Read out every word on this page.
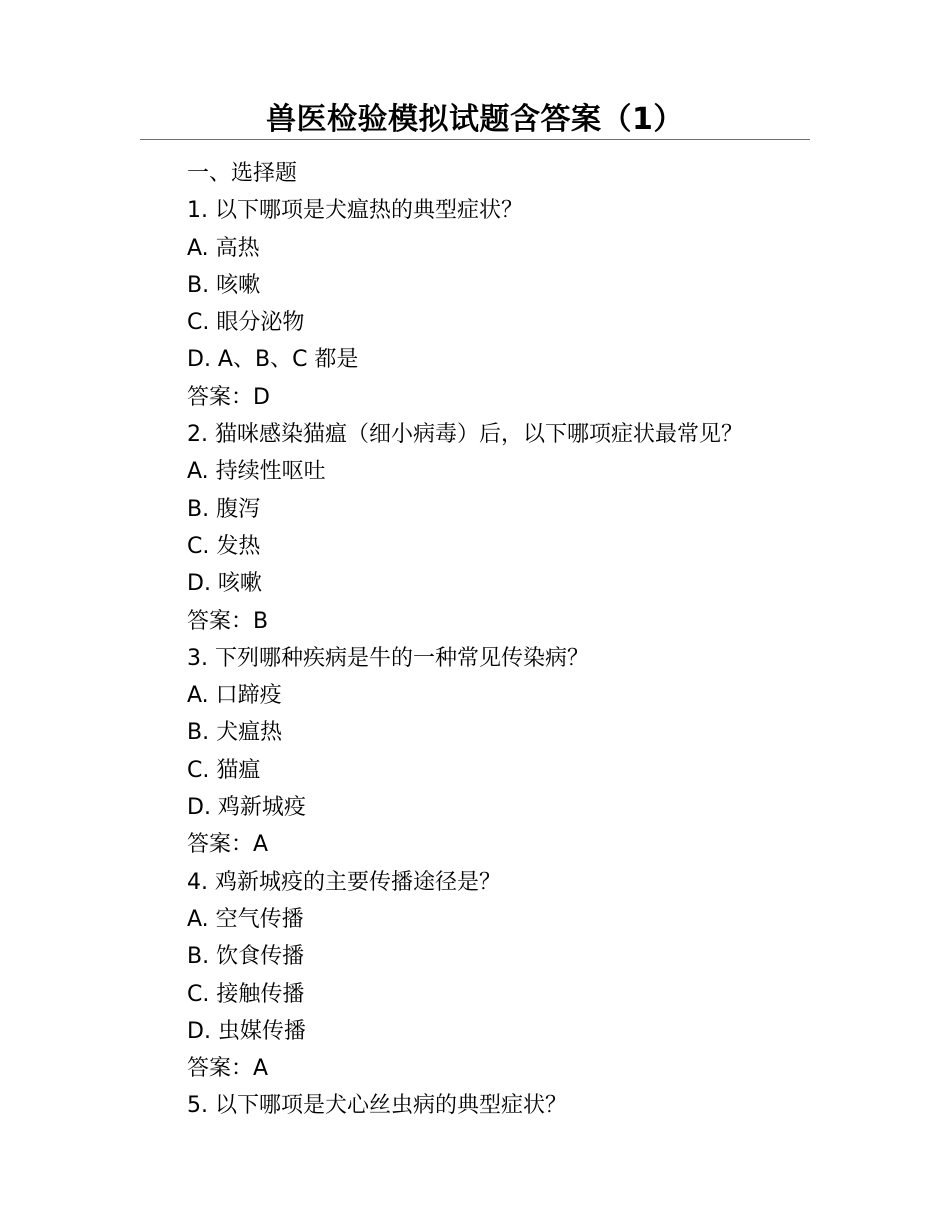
兽医检验模拟试题含答案（1）
一、选择题
1. 以下哪项是犬瘟热的典型症状？
A. 高热
B. 咳嗽
C. 眼分泌物
D. A、B、C 都是
答案：D
2. 猫咪感染猫瘟（细小病毒）后，以下哪项症状最常见？
A. 持续性呕吐
B. 腹泻
C. 发热
D. 咳嗽
答案：B
3. 下列哪种疾病是牛的一种常见传染病？
A. 口蹄疫
B. 犬瘟热
C. 猫瘟
D. 鸡新城疫
答案：A
4. 鸡新城疫的主要传播途径是？
A. 空气传播
B. 饮食传播
C. 接触传播
D. 虫媒传播
答案：A
5. 以下哪项是犬心丝虫病的典型症状？
